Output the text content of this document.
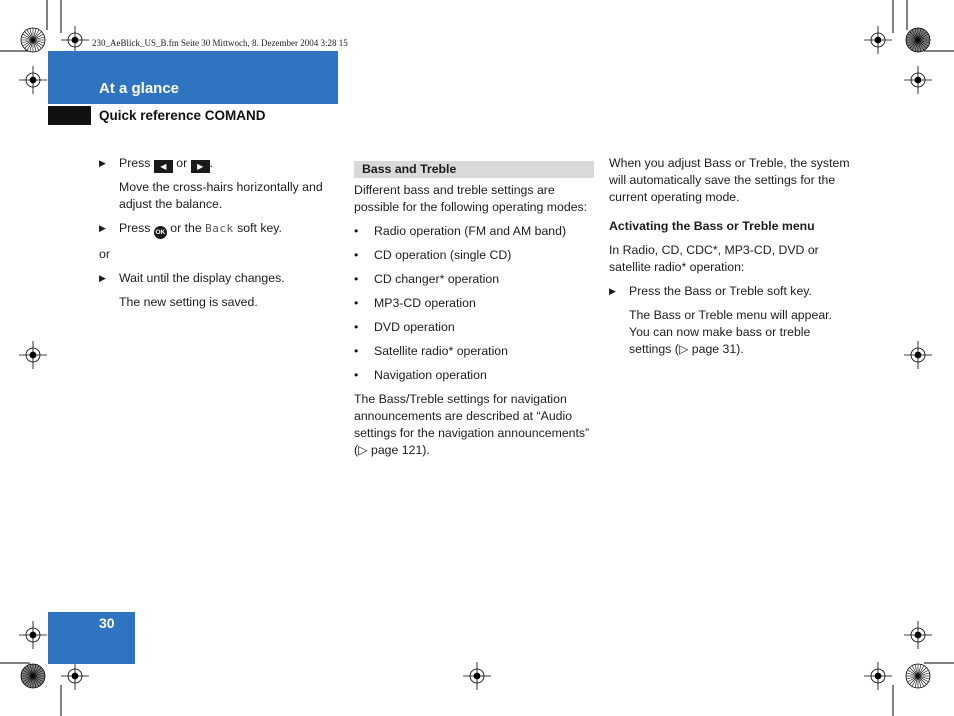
230_AeBlick_US_B.fm Seite 30 Mittwoch, 8. Dezember 2004 3:28 15
At a glance
Quick reference COMAND
▶	Press ◀ or ▶ .

Move the cross-hairs horizontally and adjust the balance.

▶	Press OK or the Back soft key.

or

▶	Wait until the display changes.

The new setting is saved.

Bass and Treble

Different bass and treble settings are possible for the following operating modes:

•	Radio operation (FM and AM band)
•	CD operation (single CD)
•	CD changer* operation
•	MP3-CD operation
•	DVD operation
•	Satellite radio* operation
•	Navigation operation

The Bass/Treble settings for navigation announcements are described at “Audio settings for the navigation announcements” (▷ page 121).

When you adjust Bass or Treble, the system will automatically save the settings for the current operating mode.

Activating the Bass or Treble menu

In Radio, CD, CDC*, MP3-CD, DVD or satellite radio* operation:

▶	Press the Bass or Treble soft key.

The Bass or Treble menu will appear. You can now make bass or treble settings (▷ page 31).

30
